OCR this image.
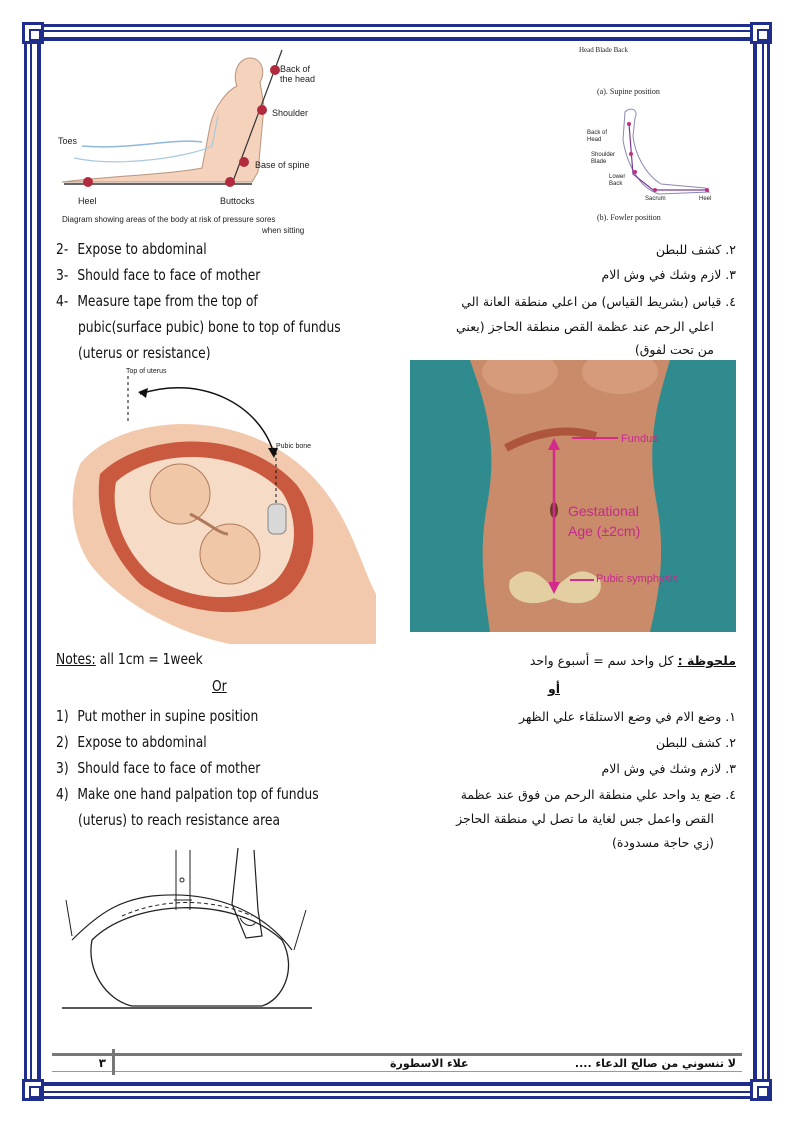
Back of
the head
Shoulder
Base of spine
Toes
Heel	Buttocks
Diagram showing areas of the body at risk of pressure sores
when sitting
Head Blade Back
(a). Supine position
Back of Head
Shoulder Blade
Lower Back
Sacrum	Heel
(b). Fowler position
2- Expose to abdominal
3- Should face to face of mother
4- Measure tape from the top of
pubic(surface pubic) bone to top of fundus
(uterus or resistance)
٢. كشف للبطن
٣. لازم وشك في وش الام
٤. قياس (بشريط القياس) من اعلي منطقة العانة الي
اعلي الرحم عند عظمة القص منطقة الحاجز (يعني
من تحت لفوق)
Top of uterus
Pubic bone
Fundus
Gestational
Age (±2cm)
Pubic symphysis
Notes: all 1cm = 1week	ملحوظة : كل واحد سم = أسبوع واحد
Or	أو
1) Put mother in supine position
2) Expose to abdominal
3) Should face to face of mother
4) Make one hand palpation top of fundus
(uterus) to reach resistance area
١. وضع الام في وضع الاستلقاء علي الظهر
٢. كشف للبطن
٣. لازم وشك في وش الام
٤. ضع يد واحد علي منطقة الرحم من فوق عند عظمة
القص واعمل جس لغاية ما تصل لي منطقة الحاجز
(زي حاجة مسدودة)
٣	علاء الاسطورة	لا تنسوني من صالح الدعاء ....
